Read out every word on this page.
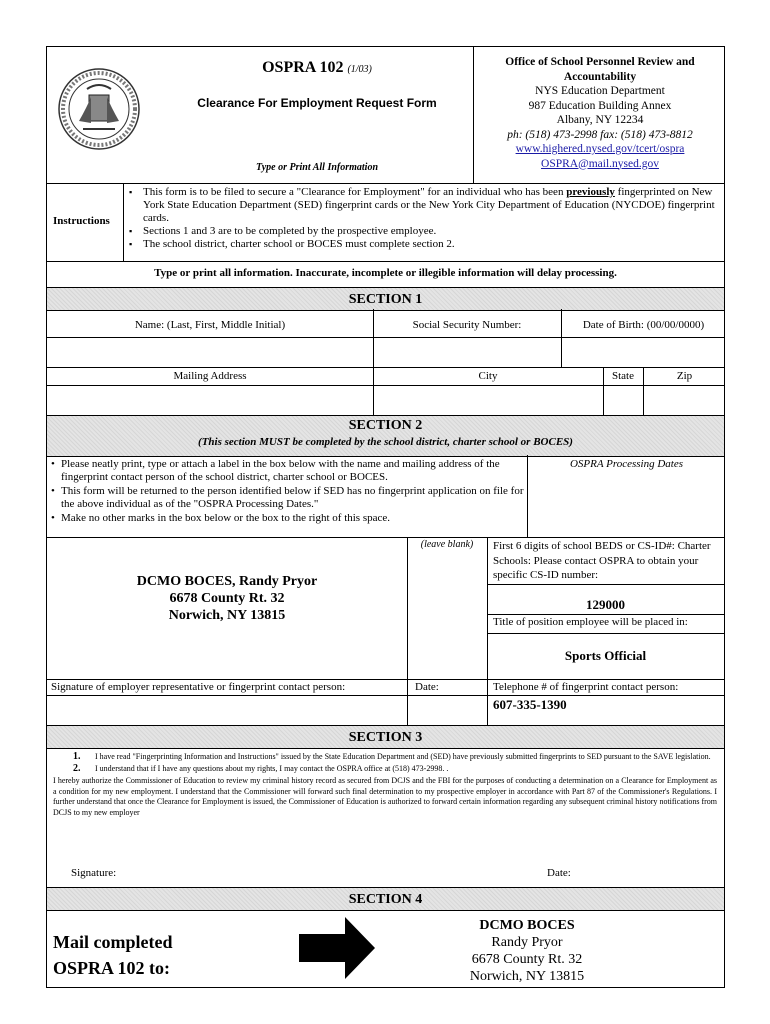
OSPRA 102 (1/03)
Clearance For Employment Request Form
Type or Print All Information
Office of School Personnel Review and
Accountability
NYS Education Department
987 Education Building Annex
Albany, NY 12234
ph: (518) 473-2998 fax: (518) 473-8812
www.highered.nysed.gov/tcert/ospra
OSPRA@mail.nysed.gov
Instructions
▪ This form is to be filed to secure a "Clearance for Employment" for an individual who has been previously fingerprinted on New York State Education Department (SED) fingerprint cards or the New York City Department of Education (NYCDOE) fingerprint cards.
▪ Sections 1 and 3 are to be completed by the prospective employee.
▪ The school district, charter school or BOCES must complete section 2.
Type or print all information. Inaccurate, incomplete or illegible information will delay processing.
SECTION 1
Name: (Last, First, Middle Initial)	Social Security Number:	Date of Birth: (00/00/0000)
Mailing Address	City	State	Zip
SECTION 2
(This section MUST be completed by the school district, charter school or BOCES)
• Please neatly print, type or attach a label in the box below with the name and mailing address of the fingerprint contact person of the school district, charter school or BOCES.
• This form will be returned to the person identified below if SED has no fingerprint application on file for the above individual as of the "OSPRA Processing Dates."
• Make no other marks in the box below or the box to the right of this space.
OSPRA Processing Dates
(leave blank)
DCMO BOCES, Randy Pryor
6678 County Rt. 32
Norwich, NY 13815
First 6 digits of school BEDS or CS-ID#: Charter Schools: Please contact OSPRA to obtain your specific CS-ID number:
129000
Title of position employee will be placed in:
Sports Official
Signature of employer representative or fingerprint contact person:	Date:	Telephone # of fingerprint contact person:
607-335-1390
SECTION 3
1.	I have read "Fingerprinting Information and Instructions" issued by the State Education Department and (SED) have previously submitted fingerprints to SED pursuant to the SAVE legislation.
2.	I understand that if I have any questions about my rights, I may contact the OSPRA office at (518) 473-2998. .
I hereby authorize the Commissioner of Education to review my criminal history record as secured from DCJS and the FBI for the purposes of conducting a determination on a Clearance for Employment as a condition for my new employment. I understand that the Commissioner will forward such final determination to my prospective employer in accordance with Part 87 of the Commissioner's Regulations. I further understand that once the Clearance for Employment is issued, the Commissioner of Education is authorized to forward certain information regarding any subsequent criminal history notifications from DCJS to my new employer
Signature:	Date:
SECTION 4
Mail completed
OSPRA 102 to:
DCMO BOCES
Randy Pryor
6678 County Rt. 32
Norwich, NY 13815
